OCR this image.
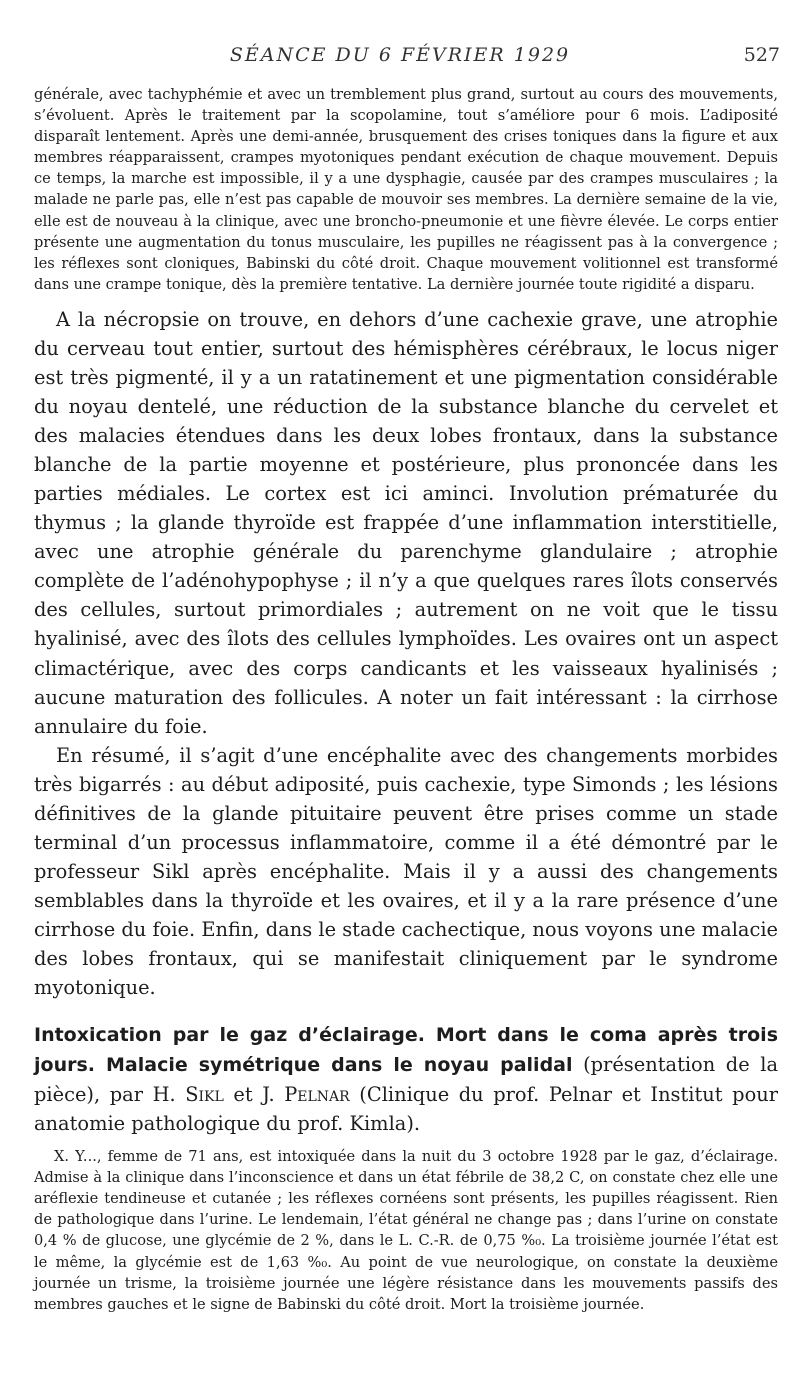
SÉANCE DU 6 FÉVRIER 1929	527

générale, avec tachyphémie et avec un tremblement plus grand, surtout au cours des mouvements, s’évoluent. Après le traitement par la scopolamine, tout s’améliore pour 6 mois. L’adiposité disparaît lentement. Après une demi-année, brusquement des crises toniques dans la figure et aux membres réapparaissent, crampes myotoniques pendant exécution de chaque mouvement. Depuis ce temps, la marche est impossible, il y a une dysphagie, causée par des crampes musculaires ; la malade ne parle pas, elle n’est pas capable de mouvoir ses membres. La dernière semaine de la vie, elle est de nouveau à la clinique, avec une broncho-pneumonie et une fièvre élevée. Le corps entier présente une augmentation du tonus musculaire, les pupilles ne réagissent pas à la convergence ; les réflexes sont cloniques, Babinski du côté droit. Chaque mouvement volitionnel est transformé dans une crampe tonique, dès la première tentative. La dernière journée toute rigidité a disparu.

A la nécropsie on trouve, en dehors d’une cachexie grave, une atrophie du cerveau tout entier, surtout des hémisphères cérébraux, le locus niger est très pigmenté, il y a un ratatinement et une pigmentation considérable du noyau dentelé, une réduction de la substance blanche du cervelet et des malacies étendues dans les deux lobes frontaux, dans la substance blanche de la partie moyenne et postérieure, plus prononcée dans les parties médiales. Le cortex est ici aminci. Involution prématurée du thymus ; la glande thyroïde est frappée d’une inflammation interstitielle, avec une atrophie générale du parenchyme glandulaire ; atrophie complète de l’adénohypophyse ; il n’y a que quelques rares îlots conservés des cellules, surtout primordiales ; autrement on ne voit que le tissu hyalinisé, avec des îlots des cellules lymphoïdes. Les ovaires ont un aspect climactérique, avec des corps candicants et les vaisseaux hyalinisés ; aucune maturation des follicules. A noter un fait intéressant : la cirrhose annulaire du foie.

En résumé, il s’agit d’une encéphalite avec des changements morbides très bigarrés : au début adiposité, puis cachexie, type Simonds ; les lésions définitives de la glande pituitaire peuvent être prises comme un stade terminal d’un processus inflammatoire, comme il a été démontré par le professeur Sikl après encéphalite. Mais il y a aussi des changements semblables dans la thyroïde et les ovaires, et il y a la rare présence d’une cirrhose du foie. Enfin, dans le stade cachectique, nous voyons une malacie des lobes frontaux, qui se manifestait cliniquement par le syndrome myotonique.

Intoxication par le gaz d’éclairage. Mort dans le coma après trois jours. Malacie symétrique dans le noyau palidal (présentation de la pièce), par H. Sikl et J. Pelnar (Clinique du prof. Pelnar et Institut pour anatomie pathologique du prof. Kimla).

X. Y..., femme de 71 ans, est intoxiquée dans la nuit du 3 octobre 1928 par le gaz, d’éclairage. Admise à la clinique dans l’inconscience et dans un état fébrile de 38,2 C, on constate chez elle une aréflexie tendineuse et cutanée ; les réflexes cornéens sont présents, les pupilles réagissent. Rien de pathologique dans l’urine. Le lendemain, l’état général ne change pas ; dans l’urine on constate 0,4 % de glucose, une glycémie de 2 %, dans le L. C.-R. de 0,75 %₀. La troisième journée l’état est le même, la glycémie est de 1,63 %₀. Au point de vue neurologique, on constate la deuxième journée un trisme, la troisième journée une légère résistance dans les mouvements passifs des membres gauches et le signe de Babinski du côté droit. Mort la troisième journée.
